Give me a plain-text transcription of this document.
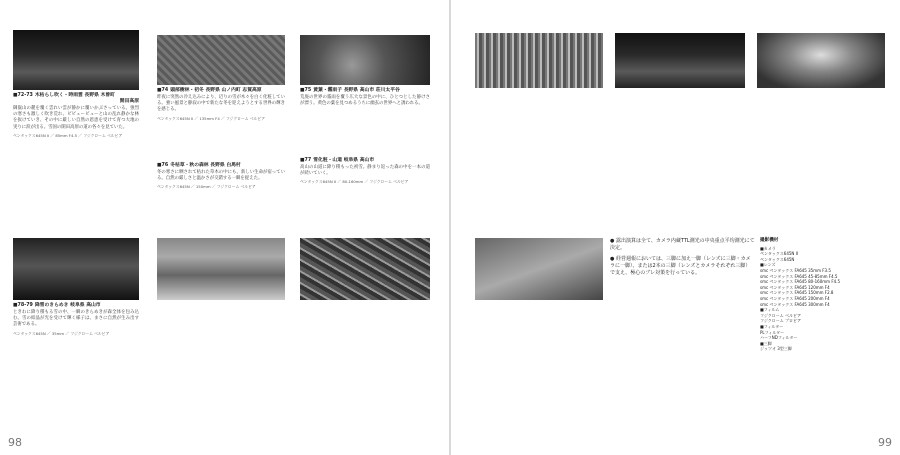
■72-73 木枯らし吹く・時雨雲 長野県 木曽町
開田高原
御嶽山の麓を覆く雲れい雲が静かに覆いかぶさっている。強烈の寒さも激しく吹き荒れ、ビビュービューと山の乱れ静かな林を抜けていき、その中に厳しい自然の恩恵を受けて育つ大地の実りに涙が出る。雪国の開田高原の道の各々を見ていた。
ペンタックス645N II ／ 85mm F4.5 ／ フジクローム ベルビア
■74 頭部樹林・初冬 長野県 山ノ内町 志賀高原
昨夜に突然の冷え込みにより、辺りの雪が木々を白く化粧している。強い風景と静寂の中で新たな冬を迎えようとする世界の輝きを感じる。
ペンタックス645N II ／ 135mm F4 ／ フジクローム ベルビア
■75 黄葉・霧雨子 長野県 高山市 荘川太平谷
荒廃の世界の霧雨を覆う広大な景色の中に、ひとつとした静けさが漂う。黄色の葉を見つめるうちに幽玄の世界へと誘われる。
■76 冬枯草・秋の森林 長野県 白馬村
冬の寒さに晒されて枯れた草木の中にも、新しい生命が宿っている。自然の厳しさと温かさが交錯する一瞬を捉えた。
ペンタックス645N ／ 150mm ／ フジクローム ベルビア
■77 雪化粧・山道 岐阜県 高山市
高山の山道に降り積もった初雪。静まり返った森の中を一本の道が続いていく。
ペンタックス645N II ／ 80-160mm ／ フジクローム ベルビア
■78-79 降雪のきらめき 岐阜県 高山市
ときわに降り積もる雪の中、一瞬のきらめきが森全体を包み込む。雪の結晶が光を受けて輝く様子は、まさに自然が生み出す芸術である。
ペンタックス645N ／ 35mm ／ フジクローム ベルビア
98	99
● 露出演算は全て、カメラ内蔵TTL測光の中央重点平均測光にて決定。
● 経営週報においては、三脚に加え一脚（レンズに三脚・カメラに一脚）、または2本の三脚（レンズとカメラそれぞれ三脚）で支え、極心のブレ対策を行っている。
撮影機材
■カメラ
ペンタックス645N II
ペンタックス645N
■レンズ
smc ペンタックス FA645 35mm F3.5
smc ペンタックス FA645 45-85mm F4.5
smc ペンタックス FA645 80-160mm F4.5
smc ペンタックス FA645 120mm F4
smc ペンタックス FA645 150mm F2.8
smc ペンタックス FA645 200mm F4
smc ペンタックス FA645 300mm F4
■フィルム
フジクローム ベルビア
フジクローム プロビア
■フィルター
PLフィルター
ハーフNDフィルター
■三脚
ジッツオ 3型三脚
